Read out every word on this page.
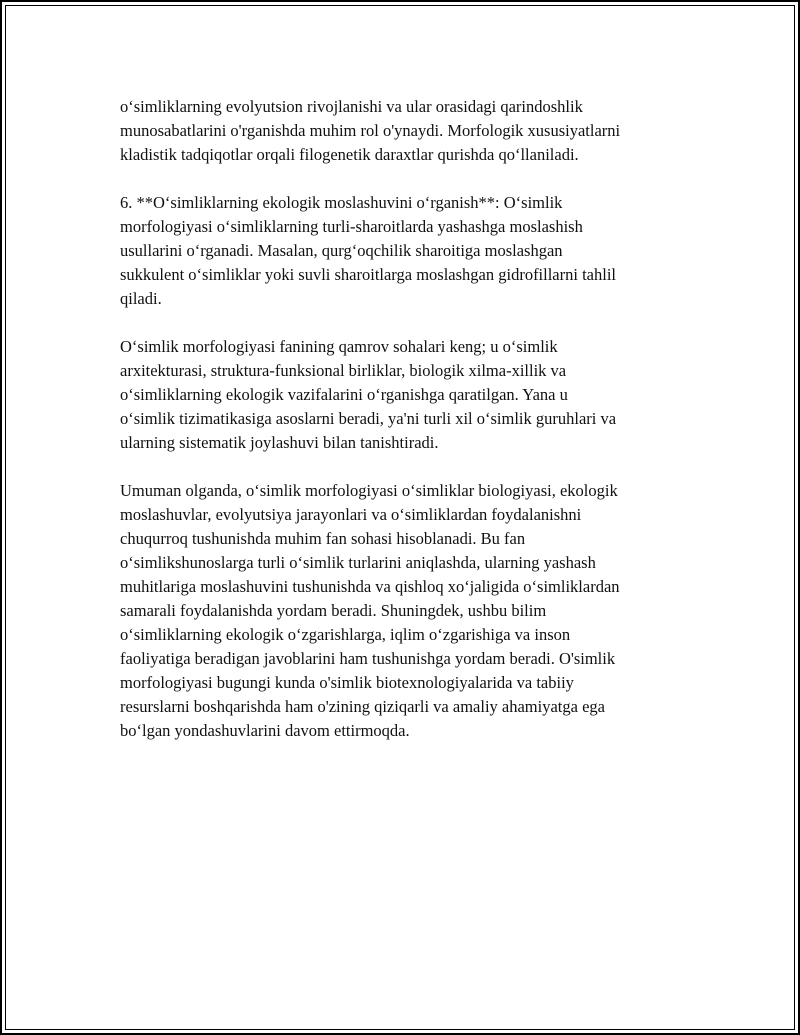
o‘simliklarning evolyutsion rivojlanishi va ular orasidagi qarindoshlik
munosabatlarini o'rganishda muhim rol o'ynaydi. Morfologik xususiyatlarni
kladistik tadqiqotlar orqali filogenetik daraxtlar qurishda qo‘llaniladi.

6. **O‘simliklarning ekologik moslashuvini o‘rganish**: O‘simlik
morfologiyasi o‘simliklarning turli-sharoitlarda yashashga moslashish
usullarini o‘rganadi. Masalan, qurg‘oqchilik sharoitiga moslashgan
sukkulent o‘simliklar yoki suvli sharoitlarga moslashgan gidrofillarni tahlil
qiladi.

O‘simlik morfologiyasi fanining qamrov sohalari keng; u o‘simlik
arxitekturasi, struktura-funksional birliklar, biologik xilma-xillik va
o‘simliklarning ekologik vazifalarini o‘rganishga qaratilgan. Yana u
o‘simlik tizimatikasiga asoslarni beradi, ya'ni turli xil o‘simlik guruhlari va
ularning sistematik joylashuvi bilan tanishtiradi.

Umuman olganda, o‘simlik morfologiyasi o‘simliklar biologiyasi, ekologik
moslashuvlar, evolyutsiya jarayonlari va o‘simliklardan foydalanishni
chuqurroq tushunishda muhim fan sohasi hisoblanadi. Bu fan
o‘simlikshunoslarga turli o‘simlik turlarini aniqlashda, ularning yashash
muhitlariga moslashuvini tushunishda va qishloq xo‘jaligida o‘simliklardan
samarali foydalanishda yordam beradi. Shuningdek, ushbu bilim
o‘simliklarning ekologik o‘zgarishlarga, iqlim o‘zgarishiga va inson
faoliyatiga beradigan javoblarini ham tushunishga yordam beradi. O'simlik
morfologiyasi bugungi kunda o'simlik biotexnologiyalarida va tabiiy
resurslarni boshqarishda ham o'zining qiziqarli va amaliy ahamiyatga ega
bo‘lgan yondashuvlarini davom ettirmoqda.
